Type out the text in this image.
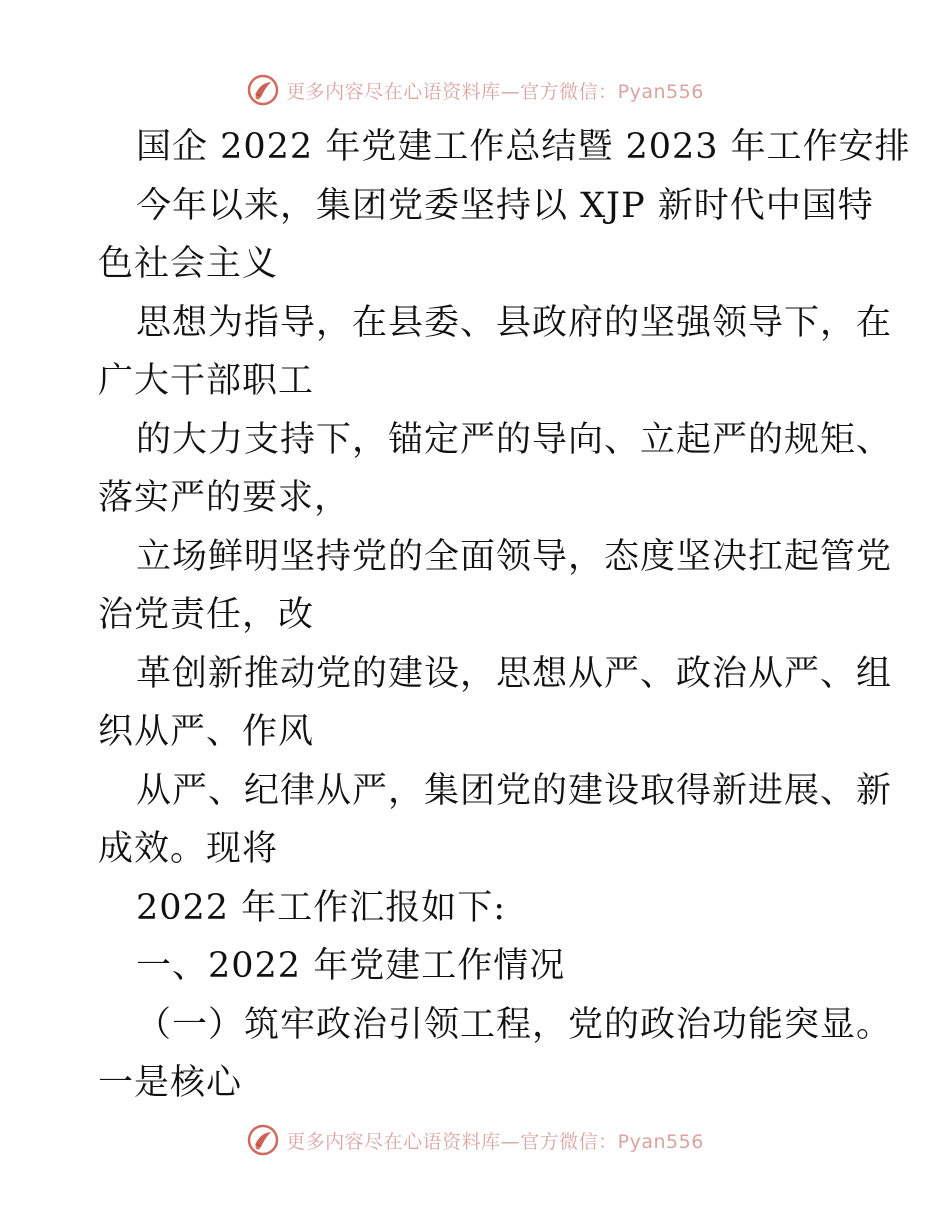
更多内容尽在心语资料库—官方微信：Pyan556
国企 2022 年党建工作总结暨 2023 年工作安排
今年以来，集团党委坚持以 XJP 新时代中国特
色社会主义
思想为指导，在县委、县政府的坚强领导下，在
广大干部职工
的大力支持下，锚定严的导向、立起严的规矩、
落实严的要求，
立场鲜明坚持党的全面领导，态度坚决扛起管党
治党责任，改
革创新推动党的建设，思想从严、政治从严、组
织从严、作风
从严、纪律从严，集团党的建设取得新进展、新
成效。现将
2022 年工作汇报如下:
一、2022 年党建工作情况
（一）筑牢政治引领工程，党的政治功能突显。
一是核心
更多内容尽在心语资料库—官方微信：Pyan556
